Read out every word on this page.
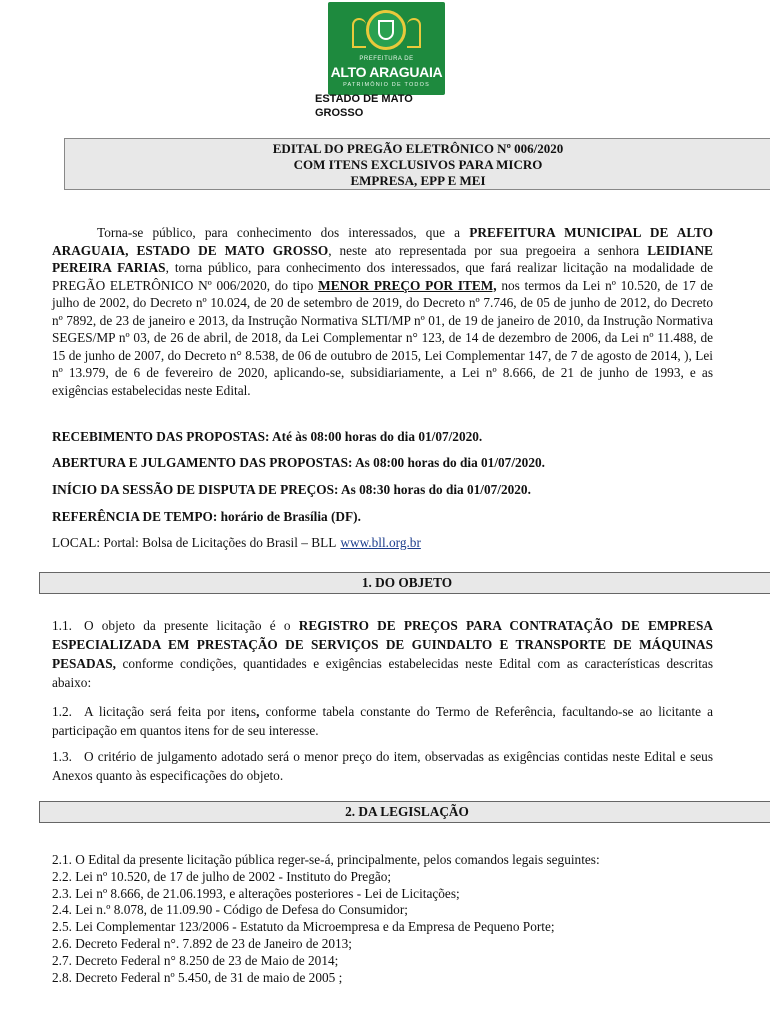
PREFEITURA DE
ALTO ARAGUAIA
PATRIMÔNIO DE TODOS
ESTADO DE MATO
GROSSO
EDITAL DO PREGÃO ELETRÔNICO Nº 006/2020
COM ITENS EXCLUSIVOS PARA MICRO
EMPRESA, EPP E MEI
Torna-se público, para conhecimento dos interessados, que a PREFEITURA MUNICIPAL DE ALTO ARAGUAIA, ESTADO DE MATO GROSSO, neste ato representada por sua pregoeira a senhora LEIDIANE PEREIRA FARIAS, torna público, para conhecimento dos interessados, que fará realizar licitação na modalidade de PREGÃO ELETRÔNICO Nº 006/2020, do tipo MENOR PREÇO POR ITEM, nos termos da Lei nº 10.520, de 17 de julho de 2002, do Decreto nº 10.024, de 20 de setembro de 2019, do Decreto nº 7.746, de 05 de junho de 2012, do Decreto nº 7892, de 23 de janeiro e 2013, da Instrução Normativa SLTI/MP nº 01, de 19 de janeiro de 2010, da Instrução Normativa SEGES/MP nº 03, de 26 de abril, de 2018, da Lei Complementar n° 123, de 14 de dezembro de 2006, da Lei nº 11.488, de 15 de junho de 2007, do Decreto n° 8.538, de 06 de outubro de 2015, Lei Complementar 147, de 7 de agosto de 2014, ), Lei nº 13.979, de 6 de fevereiro de 2020, aplicando-se, subsidiariamente, a Lei nº 8.666, de 21 de junho de 1993, e as exigências estabelecidas neste Edital.
RECEBIMENTO DAS PROPOSTAS: Até às 08:00 horas do dia 01/07/2020.
ABERTURA E JULGAMENTO DAS PROPOSTAS: As 08:00 horas do dia 01/07/2020.
INÍCIO DA SESSÃO DE DISPUTA DE PREÇOS: As 08:30 horas do dia 01/07/2020.
REFERÊNCIA DE TEMPO: horário de Brasília (DF).
LOCAL: Portal: Bolsa de Licitações do Brasil – BLL www.bll.org.br
1. DO OBJETO
1.1. O objeto da presente licitação é o REGISTRO DE PREÇOS PARA CONTRATAÇÃO DE EMPRESA ESPECIALIZADA EM PRESTAÇÃO DE SERVIÇOS DE GUINDALTO E TRANSPORTE DE MÁQUINAS PESADAS, conforme condições, quantidades e exigências estabelecidas neste Edital com as características descritas abaixo:
1.2. A licitação será feita por itens, conforme tabela constante do Termo de Referência, facultando-se ao licitante a participação em quantos itens for de seu interesse.
1.3. O critério de julgamento adotado será o menor preço do item, observadas as exigências contidas neste Edital e seus Anexos quanto às especificações do objeto.
2. DA LEGISLAÇÃO
2.1. O Edital da presente licitação pública reger-se-á, principalmente, pelos comandos legais seguintes:
2.2. Lei nº 10.520, de 17 de julho de 2002 - Instituto do Pregão;
2.3. Lei nº 8.666, de 21.06.1993, e alterações posteriores - Lei de Licitações;
2.4. Lei n.º 8.078, de 11.09.90 - Código de Defesa do Consumidor;
2.5. Lei Complementar 123/2006 - Estatuto da Microempresa e da Empresa de Pequeno Porte;
2.6. Decreto Federal n°. 7.892 de 23 de Janeiro de 2013;
2.7. Decreto Federal n° 8.250 de 23 de Maio de 2014;
2.8. Decreto Federal nº 5.450, de 31 de maio de 2005 ;
